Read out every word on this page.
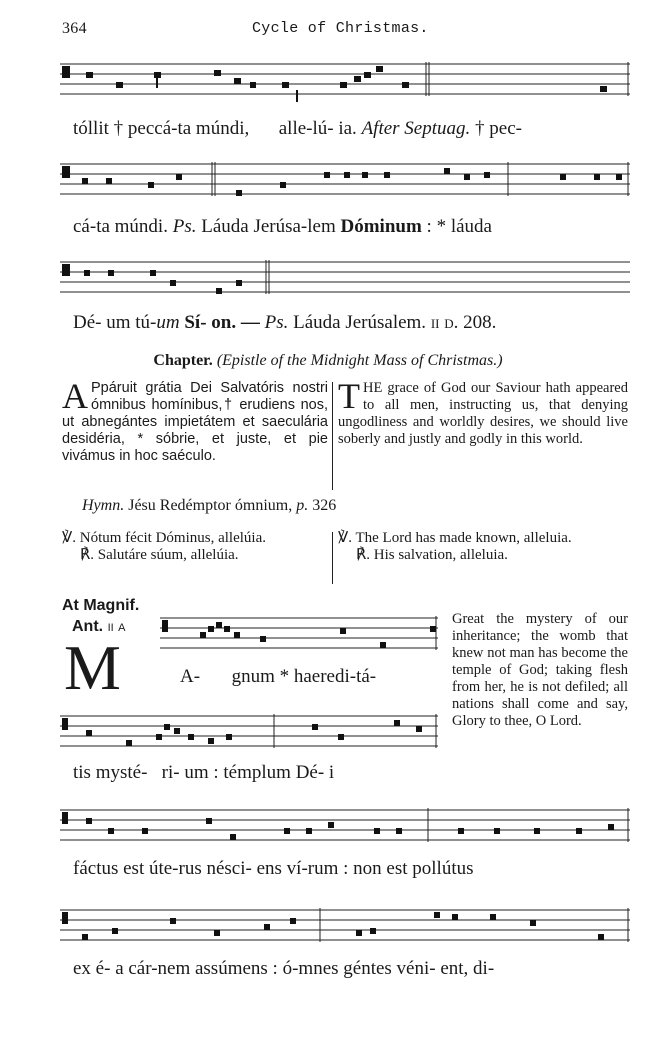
364	Cycle of Christmas.
tóllit † peccá-ta múndi, alle-lú- ia. After Septuag. † pec-
cá-ta múndi. Ps. Láuda Jerúsa-lem Dóminum : * láuda
Dé- um tú-um Sí- on. — Ps. Láuda Jerúsalem. ii d. 208.
Chapter. (Epistle of the Midnight Mass of Christmas.)
A Ppáruit grátia Dei Salvatóris nostri ómnibus homínibus,† erudiens nos, ut abnegántes impietátem et saeculária desidéria, * sóbrie, et juste, et pie vivámus in hoc saéculo.
THE grace of God our Saviour hath appeared to all men, instructing us, that denying ungodliness and worldly desires, we should live soberly and justly and godly in this world.
Hymn. Jésu Redémptor ómnium, p. 326
℣. Nótum fécit Dóminus, allelúia.
℟. Salutáre súum, allelúia.
℣. The Lord has made known, alleluia.
℟. His salvation, alleluia.
At Magnif.
Ant. ii a
M	A- gnum * haeredi-tá-
tis mysté-   ri- um : témplum Dé- i
Great the mystery of our inheritance; the womb that knew not man has become the temple of God; taking flesh from her, he is not defiled; all nations shall come and say, Glory to thee, O Lord.
fáctus est úte-rus nésci- ens ví-rum : non est pollútus
ex é- a cár-nem assúmens : ó-mnes géntes véni- ent, di-
